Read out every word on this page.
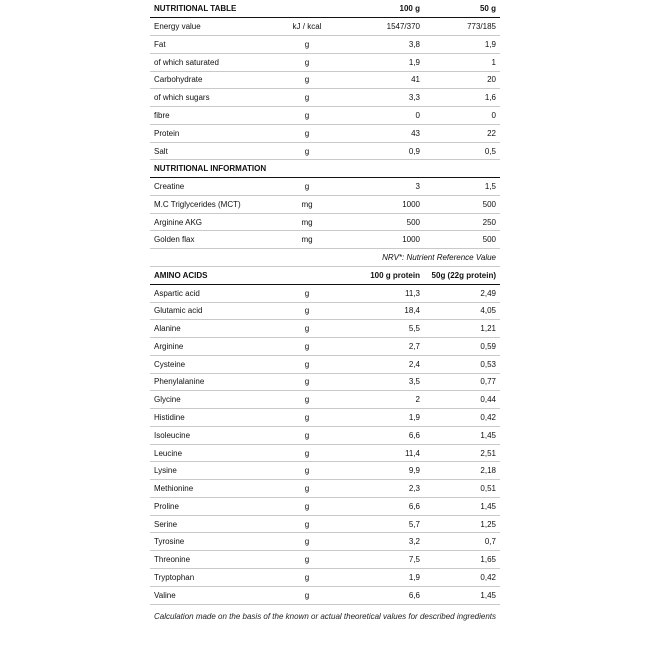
NUTRITIONAL TABLE		100 g	50 g
Energy value	kJ / kcal	1547/370	773/185
Fat	g	3,8	1,9
of which saturated	g	1,9	1
Carbohydrate	g	41	20
of which sugars	g	3,3	1,6
fibre	g	0	0
Protein	g	43	22
Salt	g	0,9	0,5
NUTRITIONAL INFORMATION			
Creatine	g	3	1,5
M.C Triglycerides (MCT)	mg	1000	500
Arginine AKG	mg	500	250
Golden flax	mg	1000	500
NRV*: Nutrient Reference Value			
AMINO ACIDS		100 g protein	50g (22g protein)
Aspartic acid	g	11,3	2,49
Glutamic acid	g	18,4	4,05
Alanine	g	5,5	1,21
Arginine	g	2,7	0,59
Cysteine	g	2,4	0,53
Phenylalanine	g	3,5	0,77
Glycine	g	2	0,44
Histidine	g	1,9	0,42
Isoleucine	g	6,6	1,45
Leucine	g	11,4	2,51
Lysine	g	9,9	2,18
Methionine	g	2,3	0,51
Proline	g	6,6	1,45
Serine	g	5,7	1,25
Tyrosine	g	3,2	0,7
Threonine	g	7,5	1,65
Tryptophan	g	1,9	0,42
Valine	g	6,6	1,45
Calculation made on the basis of the known or actual theoretical values for described ingredients
